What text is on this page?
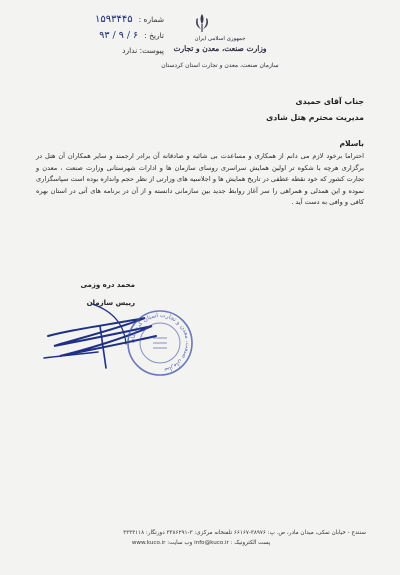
شماره :
۱۵۹۳۴۴۵
تاریخ :
۹۳ / ۹ / ۶
پیوست: ندارد
جمهوری اسلامی ایران
وزارت صنعت، معدن و تجارت
سازمان صنعت، معدن و تجارت استان کردستان
جناب آقای حمیدی
مدیریت محترم هتل شادی
باسلام
احتراما برخود لازم می دانم از همکاری و مساعدت بی شائبه و صادقانه آن برادر ارجمند و سایر همکاران آن هتل در برگزاری هرچه با شکوه تر اولین همایش سراسری روسای سازمان ها و ادارات شهرستانی وزارت صنعت ، معدن و تجارت کشور که خود نقطه عطفی در تاریخ همایش ها و اجلاسیه های وزارتی از نظر حجم وانداره بوده است سپاسگزاری نموده و این همدلی و همراهی را سر آغاز روابط جدید بین سازمانی دانسته و از آن در برنامه های آتی در استان بهره کافی و وافی به دست آید .
محمد دره وزمی
رییس سازمان
سازمان صنعت، معدن و تجارت استان کردستان
سنندج - خیابان تمکی، میدان مادر، ص. پ: ۳۸۹۷۶-۶۶۱۶۷ تلفنخانه مرکزی: ۳-۳۳۸۶۲۹۱ دورنگار: ۳۳۳۳۱۱۸
پست الکترونیک : info@kuco.ir وب سایت: www.kuco.ir
